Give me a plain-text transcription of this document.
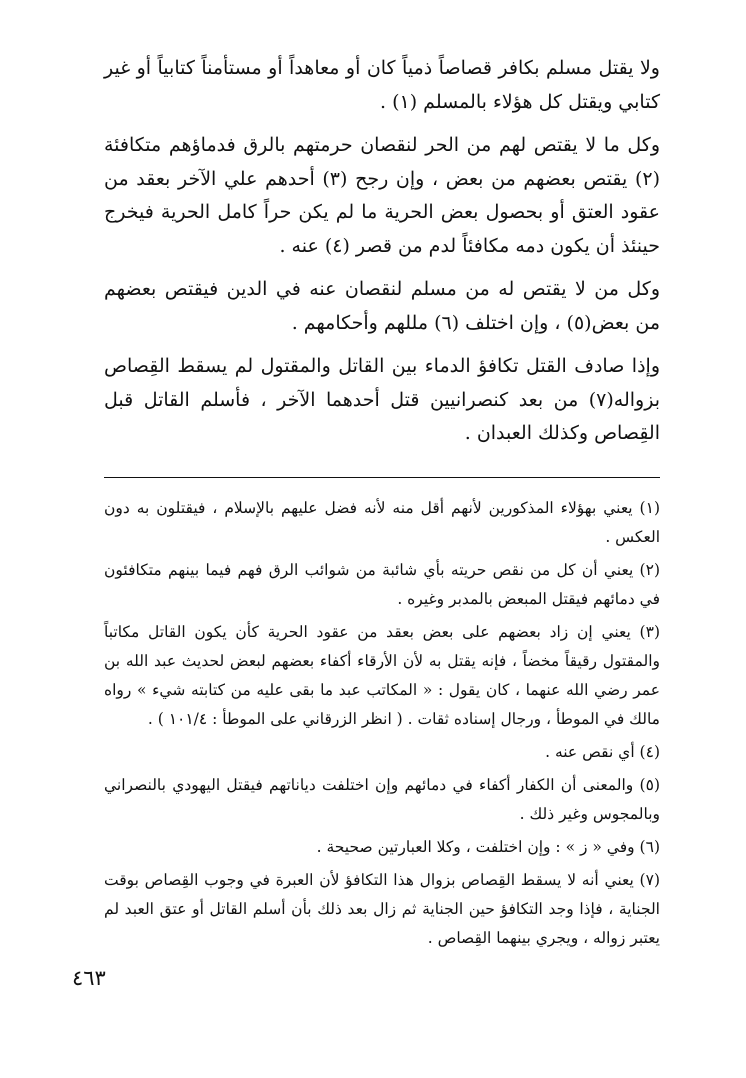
ولا يقتل مسلم بكافر قصاصاً ذمياً كان أو معاهداً أو مستأمناً كتابياً أو غير كتابي ويقتل كل هؤلاء بالمسلم (١) .

وكل ما لا يقتص لهم من الحر لنقصان حرمتهم بالرق فدماؤهم متكافئة (٢) يقتص بعضهم من بعض ، وإن رجح (٣) أحدهم علي الآخر بعقد من عقود العتق أو بحصول بعض الحرية ما لم يكن حراً كامل الحرية فيخرج حينئذ أن يكون دمه مكافئاً لدم من قصر (٤) عنه .

وكل من لا يقتص له من مسلم لنقصان عنه في الدين فيقتص بعضهم من بعض(٥) ، وإن اختلف (٦) مللهم وأحكامهم .

وإذا صادف القتل تكافؤ الدماء بين القاتل والمقتول لم يسقط القِصاص بزواله(٧) من بعد كنصرانيين قتل أحدهما الآخر ، فأسلم القاتل قبل القِصاص وكذلك العبدان .

(١) يعني بهؤلاء المذكورين لأنهم أقل منه لأنه فضل عليهم بالإسلام ، فيقتلون به دون العكس .

(٢) يعني أن كل من نقص حريته بأي شائبة من شوائب الرق فهم فيما بينهم متكافئون في دمائهم فيقتل المبعض بالمدبر وغيره .

(٣) يعني إن زاد بعضهم على بعض بعقد من عقود الحرية كأن يكون القاتل مكاتباً والمقتول رقيقاً مخضاً ، فإنه يقتل به لأن الأرقاء أكفاء بعضهم لبعض لحديث عبد الله بن عمر رضي الله عنهما ، كان يقول : « المكاتب عبد ما بقى عليه من كتابته شيء » رواه مالك في الموطأ ، ورجال إسناده ثقات . ( انظر الزرقاني على الموطأ : ١٠١/٤ ) .

(٤) أي نقص عنه .

(٥) والمعنى أن الكفار أكفاء في دمائهم وإن اختلفت دياناتهم فيقتل اليهودي بالنصراني وبالمجوس وغير ذلك .

(٦) وفي « ز » : وإن اختلفت ، وكلا العبارتين صحيحة .

(٧) يعني أنه لا يسقط القِصاص بزوال هذا التكافؤ لأن العبرة في وجوب القِصاص بوقت الجناية ، فإذا وجد التكافؤ حين الجناية ثم زال بعد ذلك بأن أسلم القاتل أو عتق العبد لم يعتبر زواله ، ويجري بينهما القِصاص .

٤٦٣
